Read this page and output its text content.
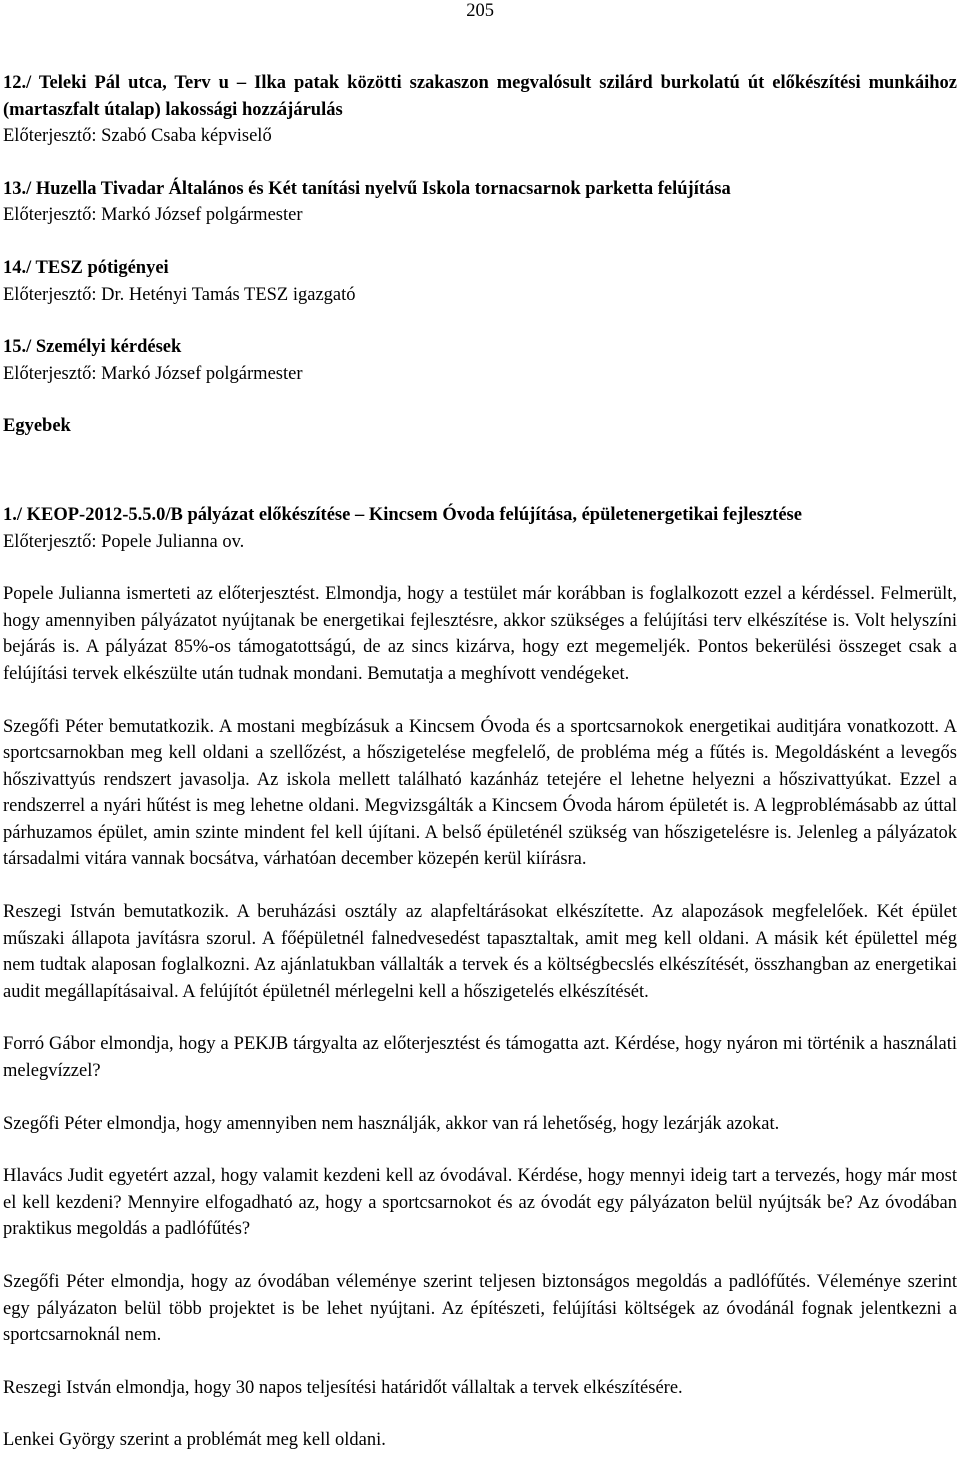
205
12./ Teleki Pál utca, Terv u – Ilka patak közötti szakaszon megvalósult szilárd burkolatú út előkészítési munkáihoz (martaszfalt útalap) lakossági hozzájárulás
Előterjesztő: Szabó Csaba képviselő
13./ Huzella Tivadar Általános és Két tanítási nyelvű Iskola tornacsarnok parketta felújítása
Előterjesztő: Markó József polgármester
14./ TESZ pótigényei
Előterjesztő: Dr. Hetényi Tamás TESZ igazgató
15./ Személyi kérdések
Előterjesztő: Markó József polgármester
Egyebek
1./ KEOP-2012-5.5.0/B pályázat előkészítése – Kincsem Óvoda felújítása, épületenergetikai fejlesztése
Előterjesztő: Popele Julianna ov.
Popele Julianna ismerteti az előterjesztést. Elmondja, hogy a testület már korábban is foglalkozott ezzel a kérdéssel. Felmerült, hogy amennyiben pályázatot nyújtanak be energetikai fejlesztésre, akkor szükséges a felújítási terv elkészítése is. Volt helyszíni bejárás is. A pályázat 85%-os támogatottságú, de az sincs kizárva, hogy ezt megemeljék. Pontos bekerülési összeget csak a felújítási tervek elkészülte után tudnak mondani. Bemutatja a meghívott vendégeket.
Szegőfi Péter bemutatkozik. A mostani megbízásuk a Kincsem Óvoda és a sportcsarnokok energetikai auditjára vonatkozott. A sportcsarnokban meg kell oldani a szellőzést, a hőszigetelése megfelelő, de probléma még a fűtés is. Megoldásként a levegős hőszivattyús rendszert javasolja. Az iskola mellett található kazánház tetejére el lehetne helyezni a hőszivattyúkat. Ezzel a rendszerrel a nyári hűtést is meg lehetne oldani. Megvizsgálták a Kincsem Óvoda három épületét is. A legproblémásabb az úttal párhuzamos épület, amin szinte mindent fel kell újítani. A belső épületénél szükség van hőszigetelésre is. Jelenleg a pályázatok társadalmi vitára vannak bocsátva, várhatóan december közepén kerül kiírásra.
Reszegi István bemutatkozik. A beruházási osztály az alapfeltárásokat elkészítette. Az alapozások megfelelőek. Két épület műszaki állapota javításra szorul. A főépületnél falnedvesedést tapasztaltak, amit meg kell oldani. A másik két épülettel még nem tudtak alaposan foglalkozni. Az ajánlatukban vállalták a tervek és a költségbecslés elkészítését, összhangban az energetikai audit megállapításaival. A felújítót épületnél mérlegelni kell a hőszigetelés elkészítését.
Forró Gábor elmondja, hogy a PEKJB tárgyalta az előterjesztést és támogatta azt. Kérdése, hogy nyáron mi történik a használati melegvízzel?
Szegőfi Péter elmondja, hogy amennyiben nem használják, akkor van rá lehetőség, hogy lezárják azokat.
Hlavács Judit egyetért azzal, hogy valamit kezdeni kell az óvodával. Kérdése, hogy mennyi ideig tart a tervezés, hogy már most el kell kezdeni? Mennyire elfogadható az, hogy a sportcsarnokot és az óvodát egy pályázaton belül nyújtsák be? Az óvodában praktikus megoldás a padlófűtés?
Szegőfi Péter elmondja, hogy az óvodában véleménye szerint teljesen biztonságos megoldás a padlófűtés. Véleménye szerint egy pályázaton belül több projektet is be lehet nyújtani. Az építészeti, felújítási költségek az óvodánál fognak jelentkezni a sportcsarnoknál nem.
Reszegi István elmondja, hogy 30 napos teljesítési határidőt vállaltak a tervek elkészítésére.
Lenkei György szerint a problémát meg kell oldani.
